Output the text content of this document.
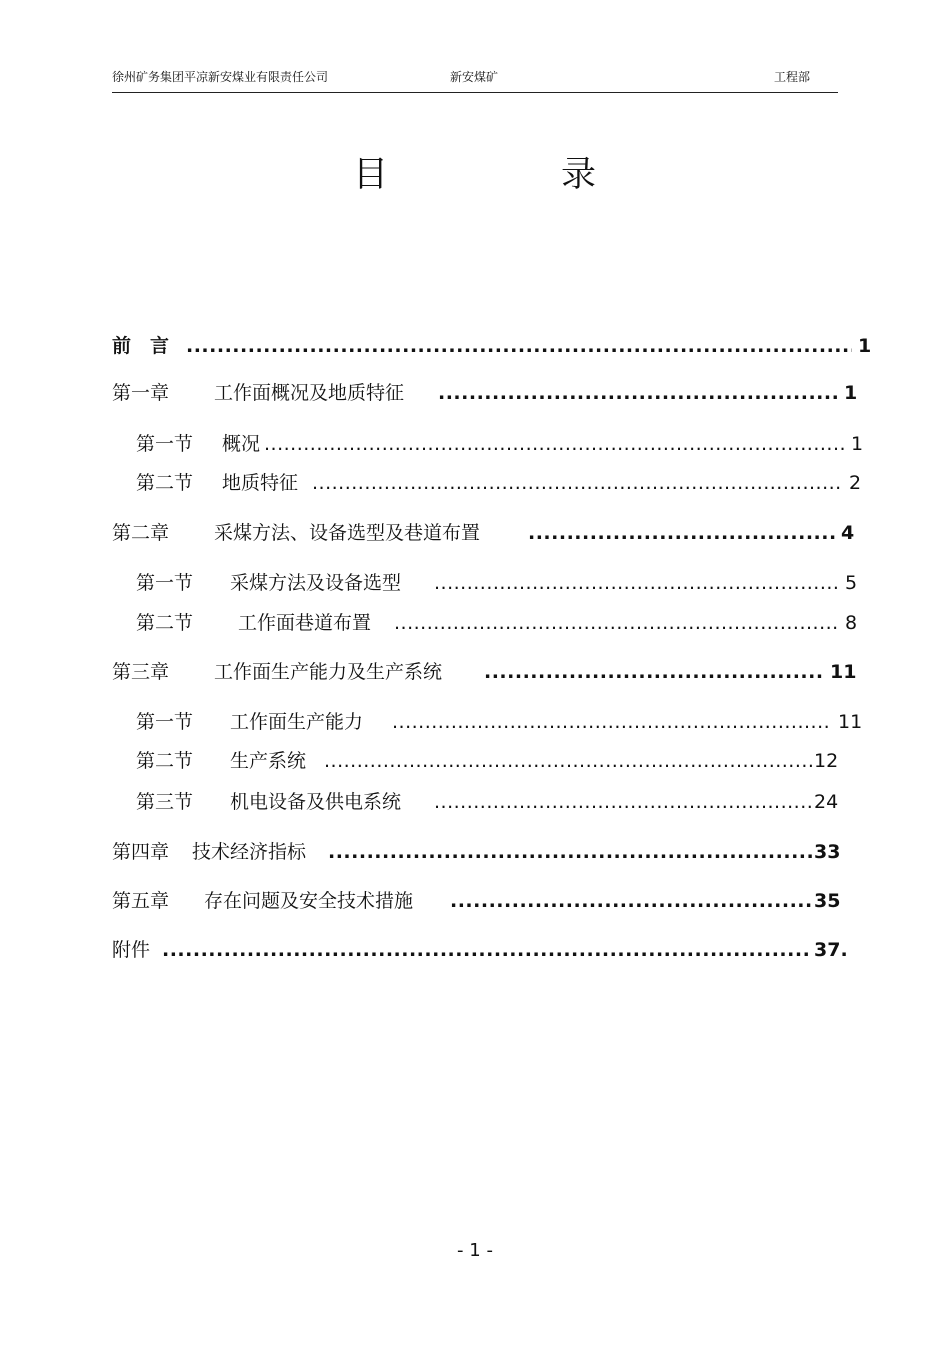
徐州矿务集团平凉新安煤业有限责任公司	新安煤矿	工程部
目	录
前　言 .....	1
第一章 工作面概况及地质特征 .....	1
第一节 概况 .....	1
第二节 地质特征 .....	2
第二章 采煤方法、设备选型及巷道布置 .....	4
第一节 采煤方法及设备选型 .....	5
第二节 工作面巷道布置 .....	8
第三章 工作面生产能力及生产系统 .....	11
第一节 工作面生产能力 .....	11
第二节 生产系统 .....	12
第三节 机电设备及供电系统 .....	24
第四章 技术经济指标 .....	33
第五章 存在问题及安全技术措施 .....	35
附件 .....	37.
- 1 -
